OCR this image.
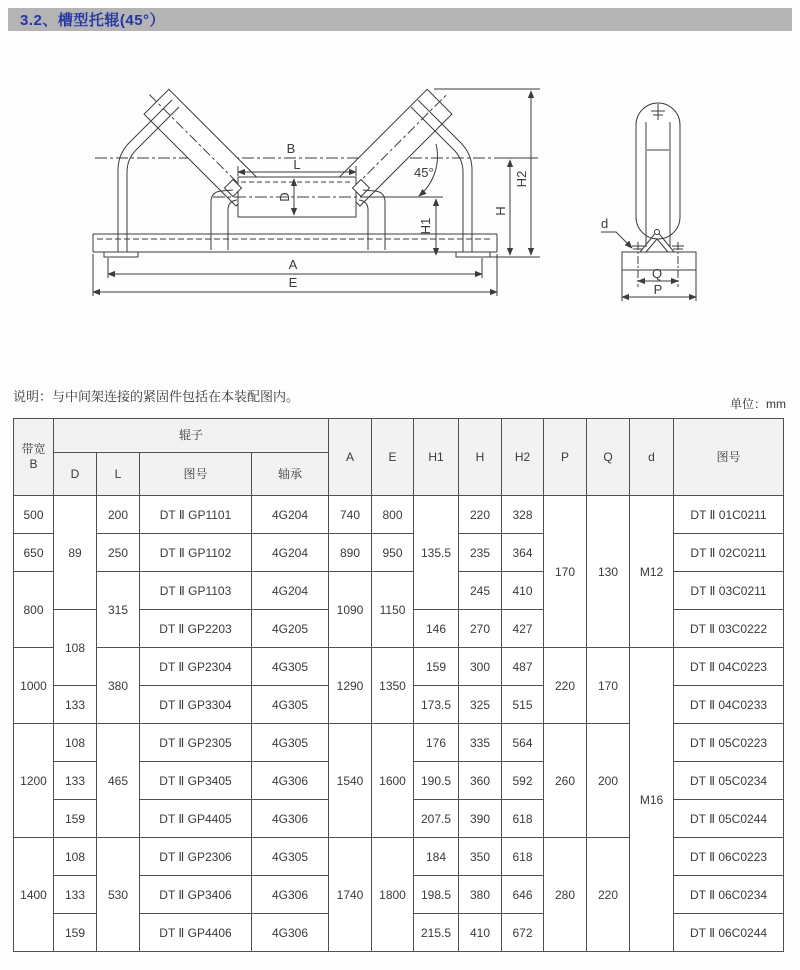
3.2、槽型托辊(45°）
B
L
D
45°
H1
H
H2
A
E
d
Q
P
说明：与中间架连接的紧固件包括在本装配图内。	单位：mm
带宽
B	辊子				A	E	H1	H	H2	P	Q	d	图号
	D	L	图号	轴承									
500	89	200	DT Ⅱ GP1101	4G204	740	800	135.5	220	328	170	130	M12	DT Ⅱ 01C0211
650		250	DT Ⅱ GP1102	4G204	890	950		235	364				DT Ⅱ 02C0211
800		315	DT Ⅱ GP1103	4G204	1090	1150		245	410				DT Ⅱ 03C0211
	108		DT Ⅱ GP2203	4G205			146	270	427				DT Ⅱ 03C0222
1000		380	DT Ⅱ GP2304	4G305	1290	1350	159	300	487	220	170	M16	DT Ⅱ 04C0223
	133		DT Ⅱ GP3304	4G305			173.5	325	515				DT Ⅱ 04C0233
1200	108	465	DT Ⅱ GP2305	4G305	1540	1600	176	335	564	260	200		DT Ⅱ 05C0223
	133		DT Ⅱ GP3405	4G306			190.5	360	592				DT Ⅱ 05C0234
	159		DT Ⅱ GP4405	4G306			207.5	390	618				DT Ⅱ 05C0244
1400	108	530	DT Ⅱ GP2306	4G305	1740	1800	184	350	618	280	220		DT Ⅱ 06C0223
	133		DT Ⅱ GP3406	4G306			198.5	380	646				DT Ⅱ 06C0234
	159		DT Ⅱ GP4406	4G306			215.5	410	672				DT Ⅱ 06C0244
